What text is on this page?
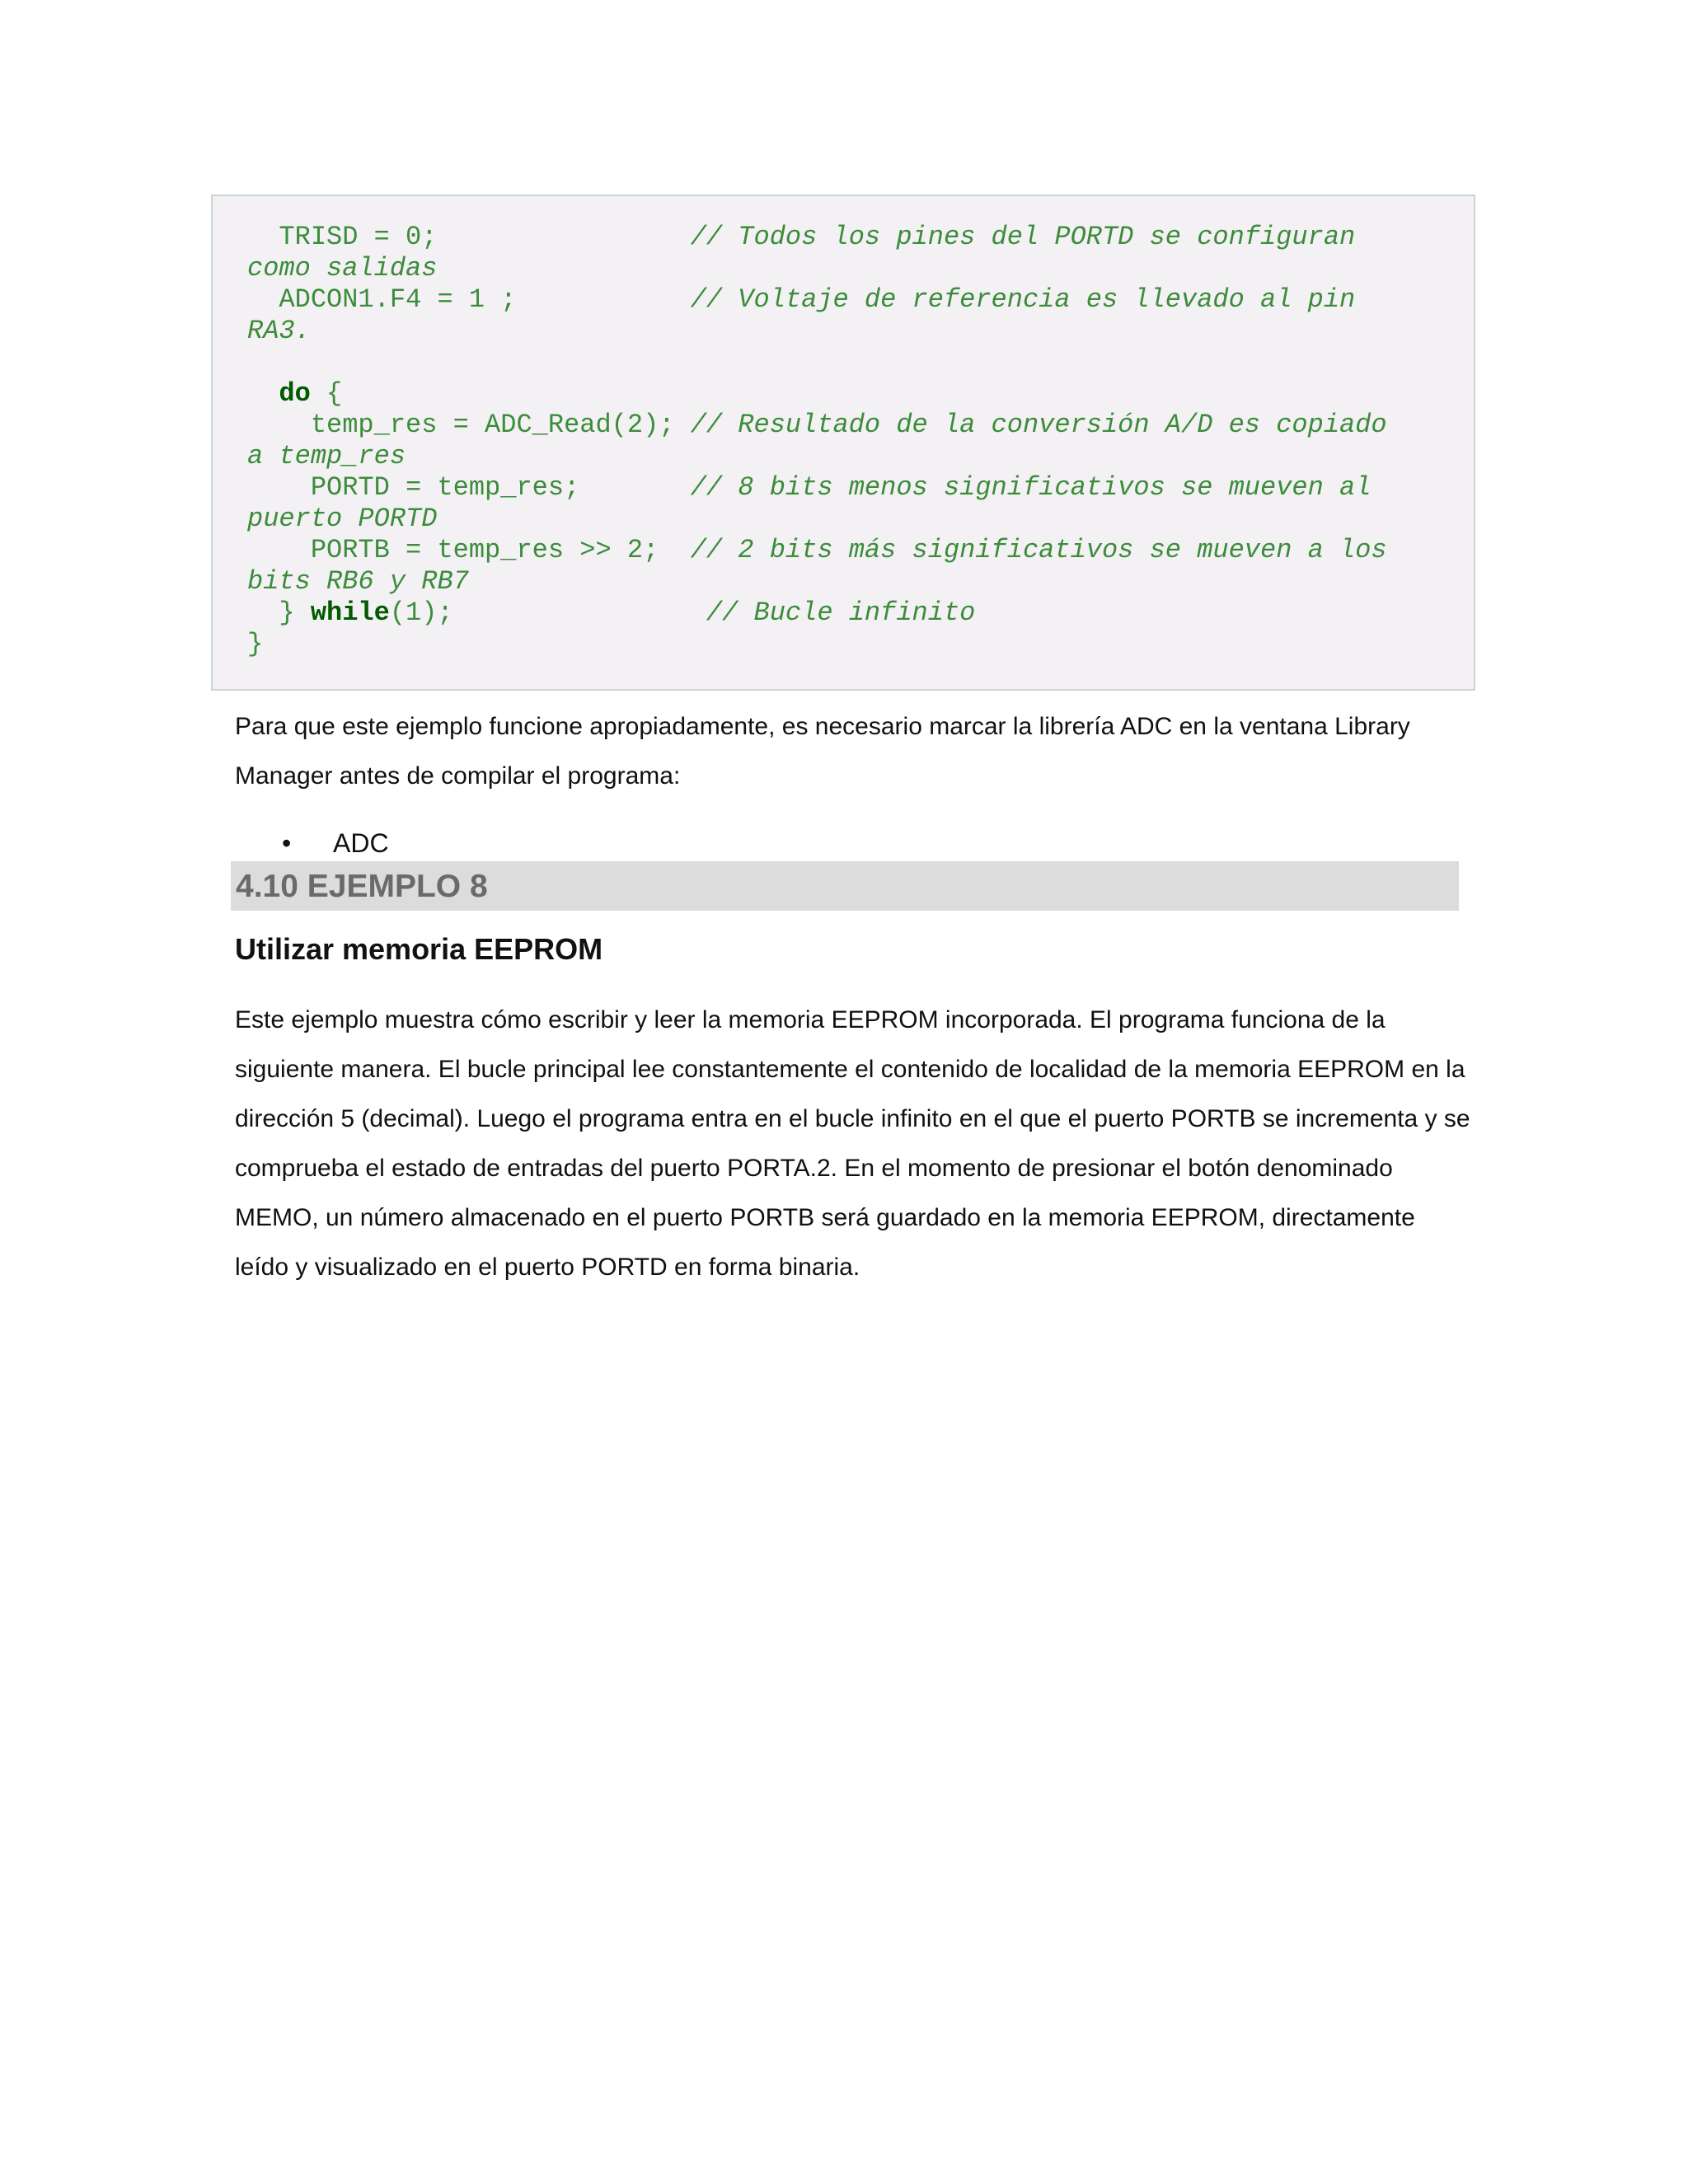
TRISD = 0;                // Todos los pines del PORTD se configuran
como salidas
ADCON1.F4 = 1 ;           // Voltaje de referencia es llevado al pin
RA3.
do {
temp_res = ADC_Read(2); // Resultado de la conversión A/D es copiado
a temp_res
PORTD = temp_res;       // 8 bits menos significativos se mueven al
puerto PORTD
PORTB = temp_res >> 2;  // 2 bits más significativos se mueven a los
bits RB6 y RB7
} while(1);                // Bucle infinito
}
Para que este ejemplo funcione apropiadamente, es necesario marcar la librería ADC en la ventana Library Manager antes de compilar el programa:
• ADC
4.10 EJEMPLO 8
Utilizar memoria EEPROM
Este ejemplo muestra cómo escribir y leer la memoria EEPROM incorporada. El programa funciona de la siguiente manera. El bucle principal lee constantemente el contenido de localidad de la memoria EEPROM en la dirección 5 (decimal). Luego el programa entra en el bucle infinito en el que el puerto PORTB se incrementa y se comprueba el estado de entradas del puerto PORTA.2. En el momento de presionar el botón denominado MEMO, un número almacenado en el puerto PORTB será guardado en la memoria EEPROM, directamente leído y visualizado en el puerto PORTD en forma binaria.
